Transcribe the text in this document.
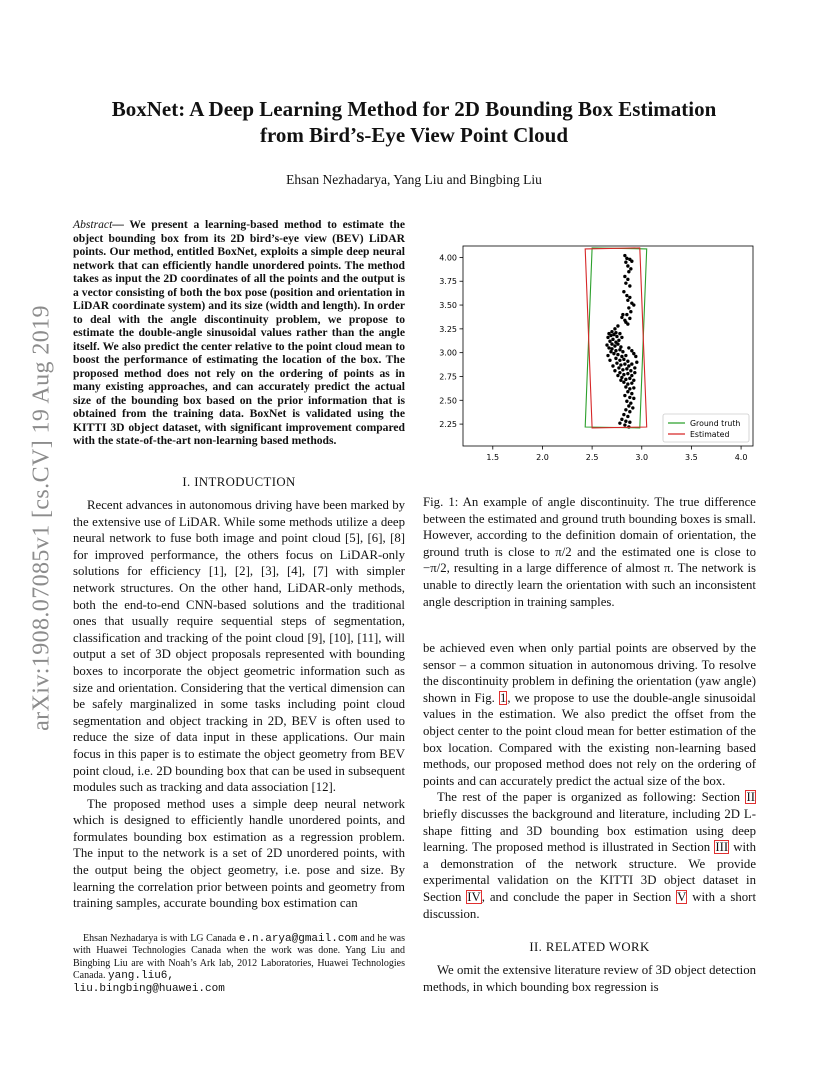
arXiv:1908.07085v1 [cs.CV] 19 Aug 2019
BoxNet: A Deep Learning Method for 2D Bounding Box Estimation
from Bird’s-Eye View Point Cloud
Ehsan Nezhadarya, Yang Liu and Bingbing Liu
Abstract— We present a learning-based method to estimate the object bounding box from its 2D bird’s-eye view (BEV) LiDAR points. Our method, entitled BoxNet, exploits a simple deep neural network that can efficiently handle unordered points. The method takes as input the 2D coordinates of all the points and the output is a vector consisting of both the box pose (position and orientation in LiDAR coordinate system) and its size (width and length). In order to deal with the angle discontinuity problem, we propose to estimate the double-angle sinusoidal values rather than the angle itself. We also predict the center relative to the point cloud mean to boost the performance of estimating the location of the box. The proposed method does not rely on the ordering of points as in many existing approaches, and can accurately predict the actual size of the bounding box based on the prior information that is obtained from the training data. BoxNet is validated using the KITTI 3D object dataset, with significant improvement compared with the state-of-the-art non-learning based methods.
I. INTRODUCTION

Recent advances in autonomous driving have been marked by the extensive use of LiDAR. While some methods utilize a deep neural network to fuse both image and point cloud [5], [6], [8] for improved performance, the others focus on LiDAR-only solutions for efficiency [1], [2], [3], [4], [7] with simpler network structures. On the other hand, LiDAR-only methods, both the end-to-end CNN-based solutions and the traditional ones that usually require sequential steps of segmentation, classification and tracking of the point cloud [9], [10], [11], will output a set of 3D object proposals represented with bounding boxes to incorporate the object geometric information such as size and orientation. Considering that the vertical dimension can be safely marginalized in some tasks including point cloud segmentation and object tracking in 2D, BEV is often used to reduce the size of data input in these applications. Our main focus in this paper is to estimate the object geometry from BEV point cloud, i.e. 2D bounding box that can be used in subsequent modules such as tracking and data association [12].

The proposed method uses a simple deep neural network which is designed to efficiently handle unordered points, and formulates bounding box estimation as a regression problem. The input to the network is a set of 2D unordered points, with the output being the object geometry, i.e. pose and size. By learning the correlation prior between points and geometry from training samples, accurate bounding box estimation can

Ehsan Nezhadarya is with LG Canada e.n.arya@gmail.com and he was with Huawei Technologies Canada when the work was done. Yang Liu and Bingbing Liu are with Noah’s Ark lab, 2012 Laboratories, Huawei Technologies Canada. yang.liu6,
liu.bingbing@huawei.com

1.5	2.0	2.5	3.0	3.5	4.0
2.25
2.50
2.75
3.00
3.25
3.50
3.75
4.00
Ground truth
Estimated
Fig. 1: An example of angle discontinuity. The true difference between the estimated and ground truth bounding boxes is small. However, according to the definition domain of orientation, the ground truth is close to π/2 and the estimated one is close to −π/2, resulting in a large difference of almost π. The network is unable to directly learn the orientation with such an inconsistent angle description in training samples.

be achieved even when only partial points are observed by the sensor – a common situation in autonomous driving. To resolve the discontinuity problem in defining the orientation (yaw angle) shown in Fig. 1, we propose to use the double-angle sinusoidal values in the estimation. We also predict the offset from the object center to the point cloud mean for better estimation of the box location. Compared with the existing non-learning based methods, our proposed method does not rely on the ordering of points and can accurately predict the actual size of the box.

The rest of the paper is organized as following: Section II briefly discusses the background and literature, including 2D L-shape fitting and 3D bounding box estimation using deep learning. The proposed method is illustrated in Section III with a demonstration of the network structure. We provide experimental validation on the KITTI 3D object dataset in Section IV, and conclude the paper in Section V with a short discussion.

II. RELATED WORK

We omit the extensive literature review of 3D object detection methods, in which bounding box regression is
